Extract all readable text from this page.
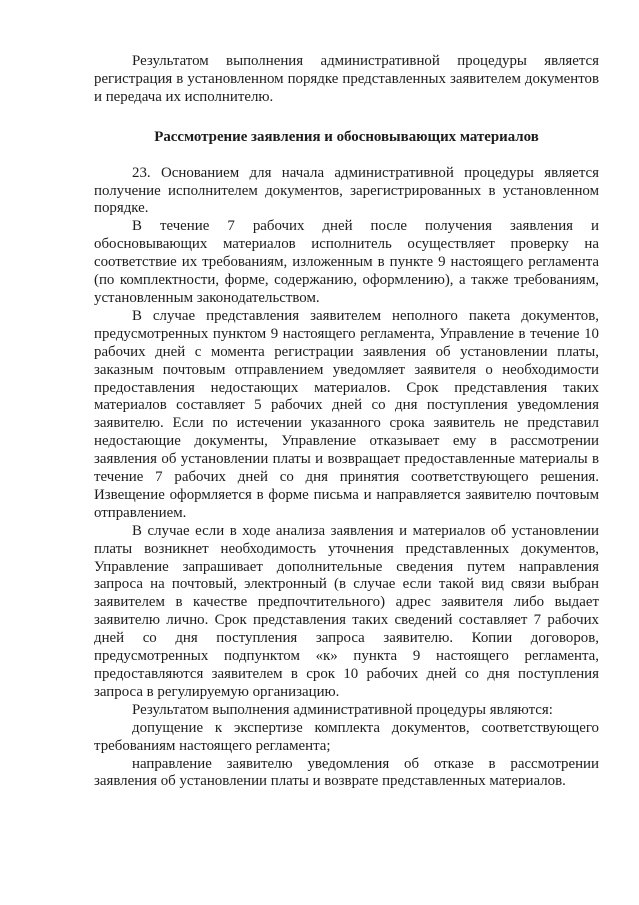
Результатом выполнения административной процедуры является регистрация в установленном порядке представленных заявителем документов и передача их исполнителю.

Рассмотрение заявления и обосновывающих материалов

23. Основанием для начала административной процедуры является получение исполнителем документов, зарегистрированных в установленном порядке.

В течение 7 рабочих дней после получения заявления и обосновывающих материалов исполнитель осуществляет проверку на соответствие их требованиям, изложенным в пункте 9 настоящего регламента (по комплектности, форме, содержанию, оформлению), а также требованиям, установленным законодательством.

В случае представления заявителем неполного пакета документов, предусмотренных пунктом 9 настоящего регламента, Управление в течение 10 рабочих дней с момента регистрации заявления об установлении платы, заказным почтовым отправлением уведомляет заявителя о необходимости предоставления недостающих материалов. Срок представления таких материалов составляет 5 рабочих дней со дня поступления уведомления заявителю. Если по истечении указанного срока заявитель не представил недостающие документы, Управление отказывает ему в рассмотрении заявления об установлении платы и возвращает предоставленные материалы в течение 7 рабочих дней со дня принятия соответствующего решения. Извещение оформляется в форме письма и направляется заявителю почтовым отправлением.

В случае если в ходе анализа заявления и материалов об установлении платы возникнет необходимость уточнения представленных документов, Управление запрашивает дополнительные сведения путем направления запроса на почтовый, электронный (в случае если такой вид связи выбран заявителем в качестве предпочтительного) адрес заявителя либо выдает заявителю лично. Срок представления таких сведений составляет 7 рабочих дней со дня поступления запроса заявителю. Копии договоров, предусмотренных подпунктом «к» пункта 9 настоящего регламента, предоставляются заявителем в срок 10 рабочих дней со дня поступления запроса в регулируемую организацию.

Результатом выполнения административной процедуры являются:

допущение к экспертизе комплекта документов, соответствующего требованиям настоящего регламента;

направление заявителю уведомления об отказе в рассмотрении заявления об установлении платы и возврате представленных материалов.
